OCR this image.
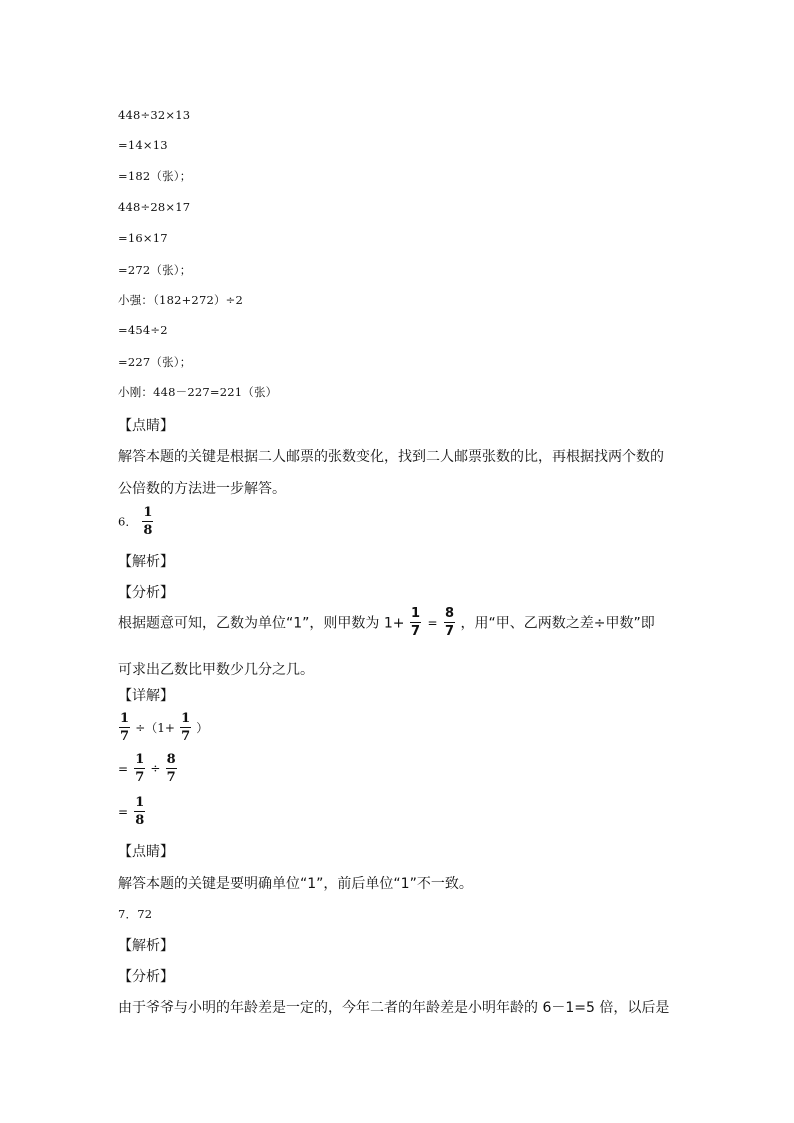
448÷32×13
=14×13
=182（张）；
448÷28×17
=16×17
=272（张）；
小强：（182+272）÷2
=454÷2
=227（张）；
小刚：448－227=221（张）
【点睛】
解答本题的关键是根据二人邮票的张数变化，找到二人邮票张数的比，再根据找两个数的
公倍数的方法进一步解答。
6． $\frac{1}{8}$
【解析】
【分析】
根据题意可知，乙数为单位“1”，则甲数为 $1+ \frac{1}{7} = \frac{8}{7}$ ，用“甲、乙两数之差÷甲数”即
可求出乙数比甲数少几分之几。
【详解】
$\frac{1}{7} \div(1+ \frac{1}{7}$ ）
= $\frac{1}{7} \div \frac{8}{7}$
= $\frac{1}{8}$
【点睛】
解答本题的关键是要明确单位“1”，前后单位“1”不一致。
7．72
【解析】
【分析】
由于爷爷与小明的年龄差是一定的，今年二者的年龄差是小明年龄的 6－1=5 倍，以后是
